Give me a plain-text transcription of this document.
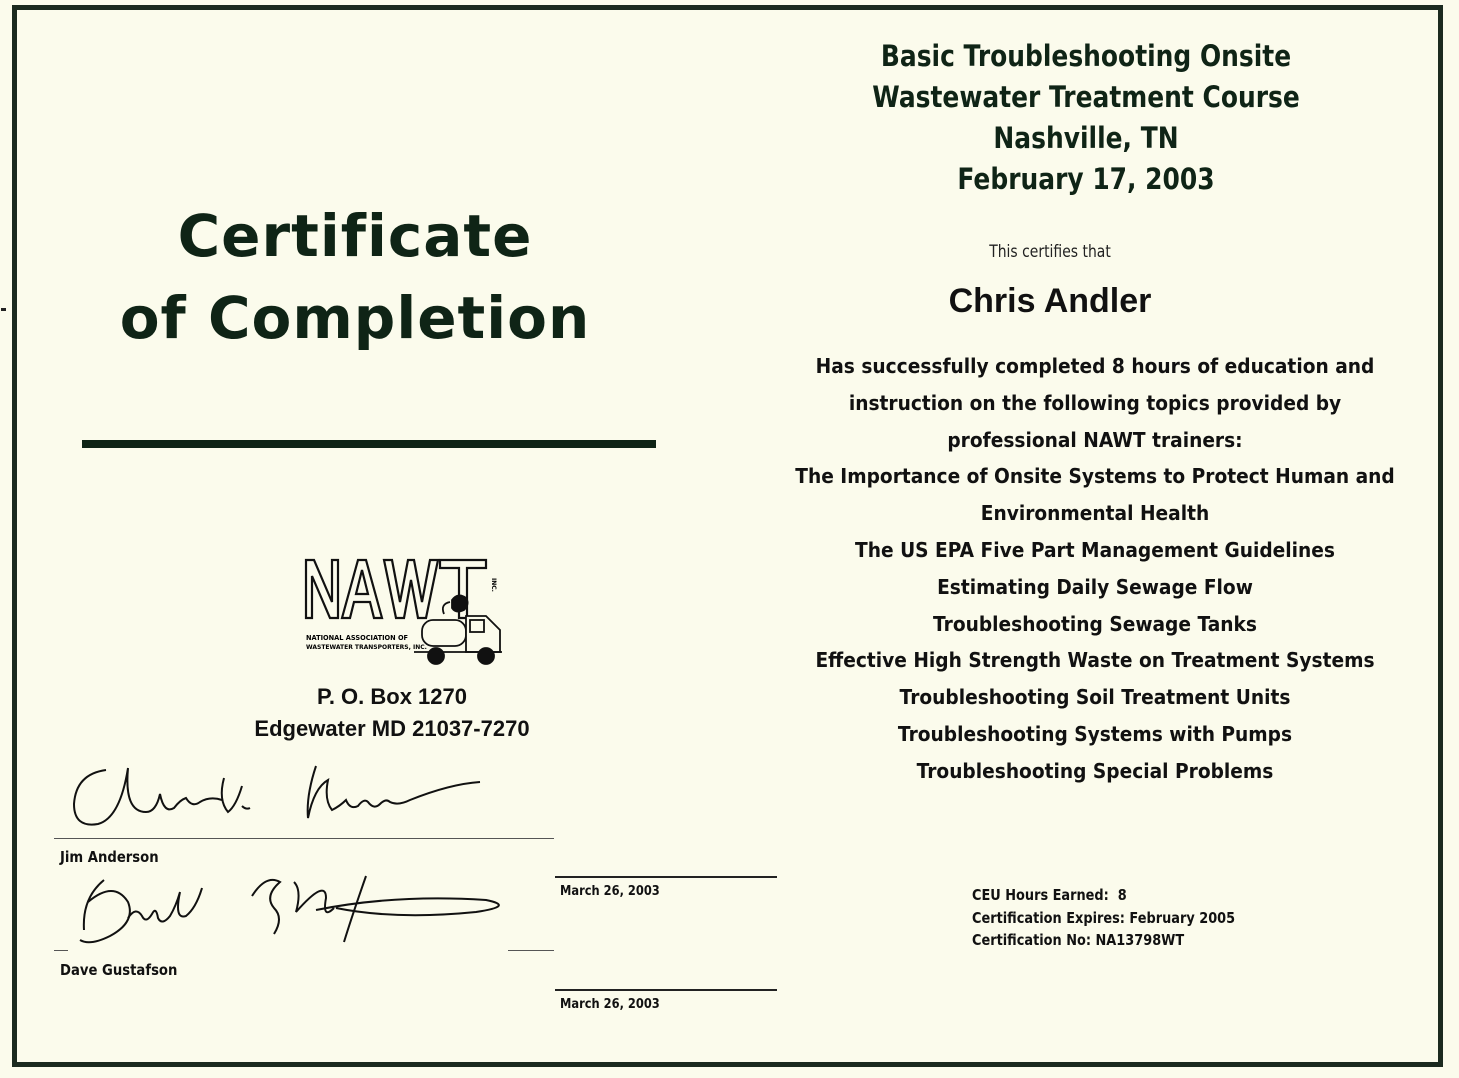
Certificate
of Completion
INC.
NATIONAL ASSOCIATION OF
WASTEWATER TRANSPORTERS, INC.
P. O. Box 1270
Edgewater MD 21037-7270
Jim Anderson
Dave Gustafson
March 26, 2003
March 26, 2003
Basic Troubleshooting Onsite
Wastewater Treatment Course
Nashville, TN
February 17, 2003
This certifies that
Chris Andler
Has successfully completed 8 hours of education and
instruction on the following topics provided by
professional NAWT trainers:
The Importance of Onsite Systems to Protect Human and
Environmental Health
The US EPA Five Part Management Guidelines
Estimating Daily Sewage Flow
Troubleshooting Sewage Tanks
Effective High Strength Waste on Treatment Systems
Troubleshooting Soil Treatment Units
Troubleshooting Systems with Pumps
Troubleshooting Special Problems
CEU Hours Earned:  8
Certification Expires: February 2005
Certification No: NA13798WT
